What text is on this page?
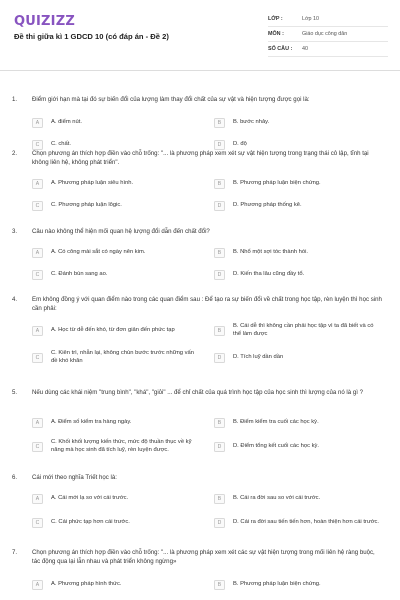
QUIZIZZ
Đề thi giữa kì 1 GDCD 10 (có đáp án - Đề 2)
LỚP :	Lớp 10
MÔN :	Giáo dục công dân
SỐ CÂU :	40
1. Điểm giới hạn mà tại đó sự biến đổi của lượng làm thay đổi chất của sự vật và hiện tượng được gọi là:
A	A. điểm nút.	B	B. bước nhảy.
C	C. chất.	D	D. độ
2. Chọn phương án thích hợp điền vào chỗ trống: "... là phương pháp xem xét sự vật hiện tượng trong trạng thái cô lập, tĩnh tại không liên hệ, không phát triển".
A	A. Phương pháp luận siêu hình.	B	B. Phương pháp luận biện chứng.
C	C. Phương pháp luận lôgic.	D	D. Phương pháp thống kê.
3. Câu nào không thể hiện mối quan hệ lượng đổi dẫn đến chất đổi?
A	A. Có công mài sắt có ngày nên kim.	B	B. Nhổ một sợi tóc thành hói.
C	C. Đánh bùn sang ao.	D	D. Kiến tha lâu cũng đầy tổ.
4. Em không đồng ý với quan điểm nào trong các quan điểm sau : Để tạo ra sự biến đổi về chất trong học tập, rèn luyện thì học sinh cần phải:
A	A. Học từ dễ đến khó, từ đơn giản đến phức tạp	B
B. Cái dễ thì không cần phải học tập vì ta đã biết và có thể làm được
C
C. Kiên trì, nhẫn lại, không chùn bước trước những vấn đề khó khăn	D	D. Tích luỹ dần dần
5. Nếu dùng các khái niệm "trung bình", "khá", "giỏi" ... để chỉ chất của quá trình học tập của học sinh thì lượng của nó là gì ?
A	A. Điểm số kiểm tra hàng ngày.	B	B. Điểm kiểm tra cuối các học kỳ.
C
C. Khối khối lượng kiến thức, mức độ thuần thục về kỹ năng mà học sinh đã tích luỹ, rèn luyện được.	D	D. Điểm tổng kết cuối các học kỳ.
6. Cái mới theo nghĩa Triết học là:
A	A. Cái mới lạ so với cái trước.	B	B. Cái ra đời sau so với cái trước.
C	C. Cái phức tạp hơn cái trước.	D	D. Cái ra đời sau tiến tiến hơn, hoàn thiện hơn cái trước.
7. Chọn phương án thích hợp điền vào chỗ trống: "... là phương pháp xem xét các sự vật hiện tượng trong mối liên hệ ràng buộc, tác động qua lại lẫn nhau và phát triển không ngừng»
A	A. Phương pháp hình thức.	B	B. Phương pháp luận biện chứng.
